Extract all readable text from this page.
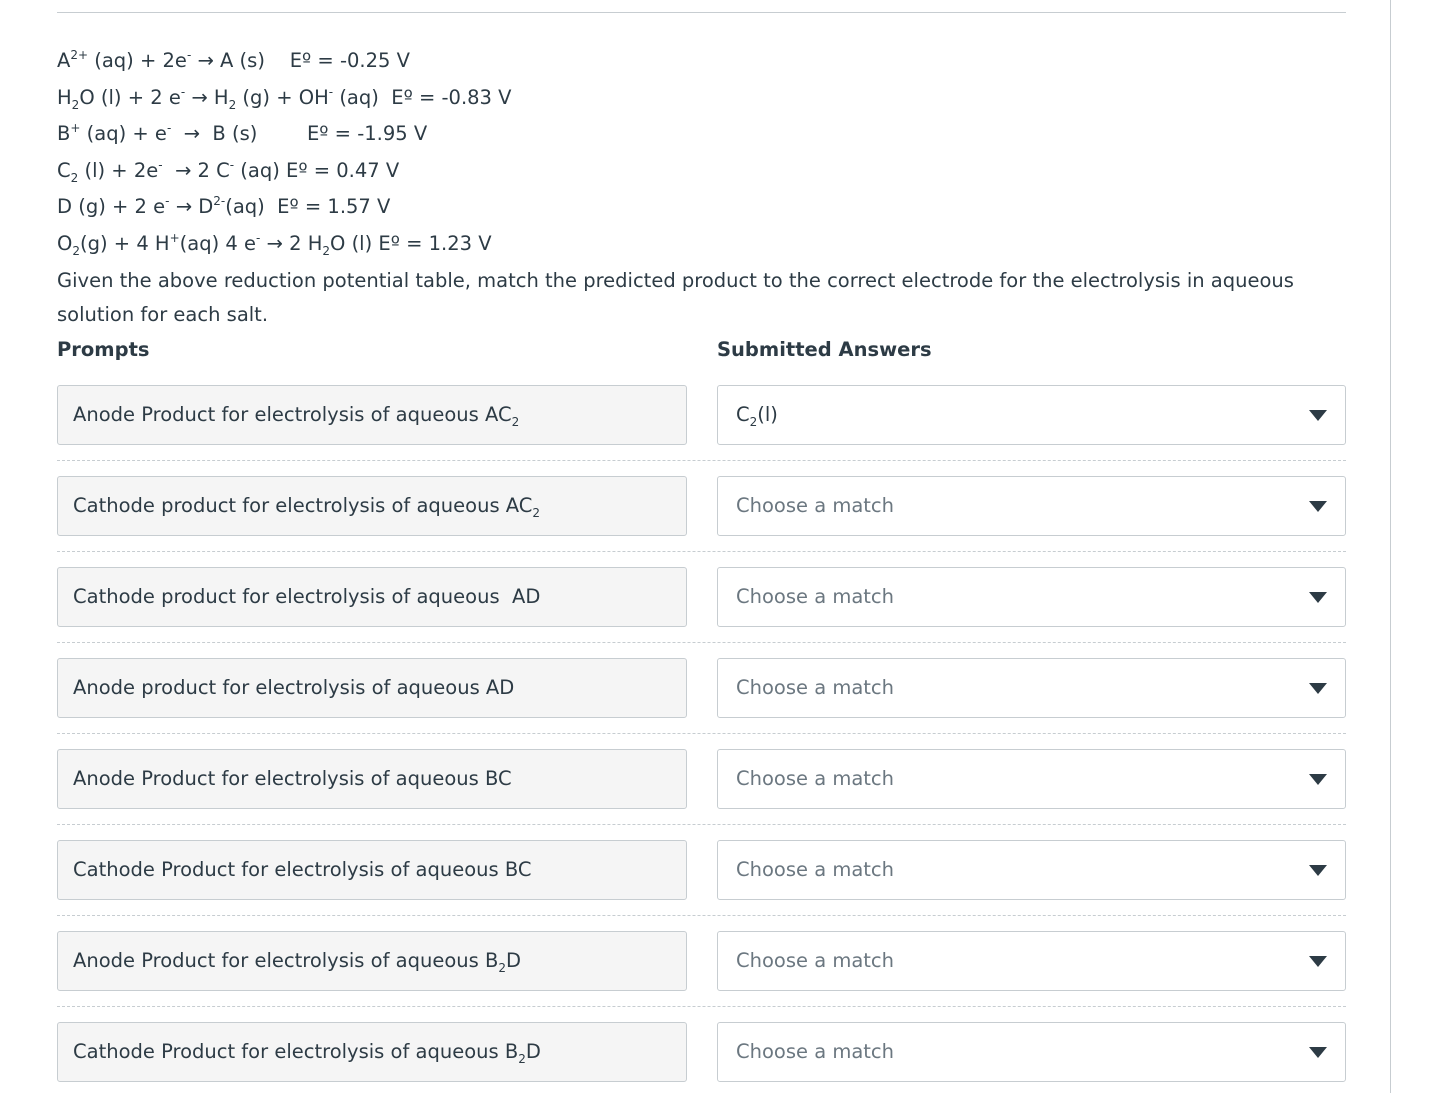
$A^{2+}$ (aq) + 2e- → A (s)    Eº = -0.25 V
$H_2O$ (l) + 2 $e^- \to H_2$ (g) + OH- (aq)  Eº = -0.83 V
B+ (aq) + e-  →  B (s)        Eº = -1.95 V
$C_2$ (l) + 2e-  → 2 C- (aq) Eº = 0.47 V
D (g) + 2 $e^- \to D^{2-}(aq)$  Eº = 1.57 V
$O_2(g) + 4$ H+(aq) 4 e- → 2 $H_2O$ (l) Eº = 1.23 V
Given the above reduction potential table, match the predicted product to the correct electrode for the electrolysis in aqueous solution for each salt.
Prompts	Submitted Answers
Anode Product for electrolysis of aqueous $AC_2$	$C_2(l)$
Cathode product for electrolysis of aqueous $AC_2$	Choose a match
Cathode product for electrolysis of aqueous  AD	Choose a match
Anode product for electrolysis of aqueous AD	Choose a match
Anode Product for electrolysis of aqueous BC	Choose a match
Cathode Product for electrolysis of aqueous BC	Choose a match
Anode Product for electrolysis of aqueous $B_2D$	Choose a match
Cathode Product for electrolysis of aqueous $B_2D$	Choose a match
